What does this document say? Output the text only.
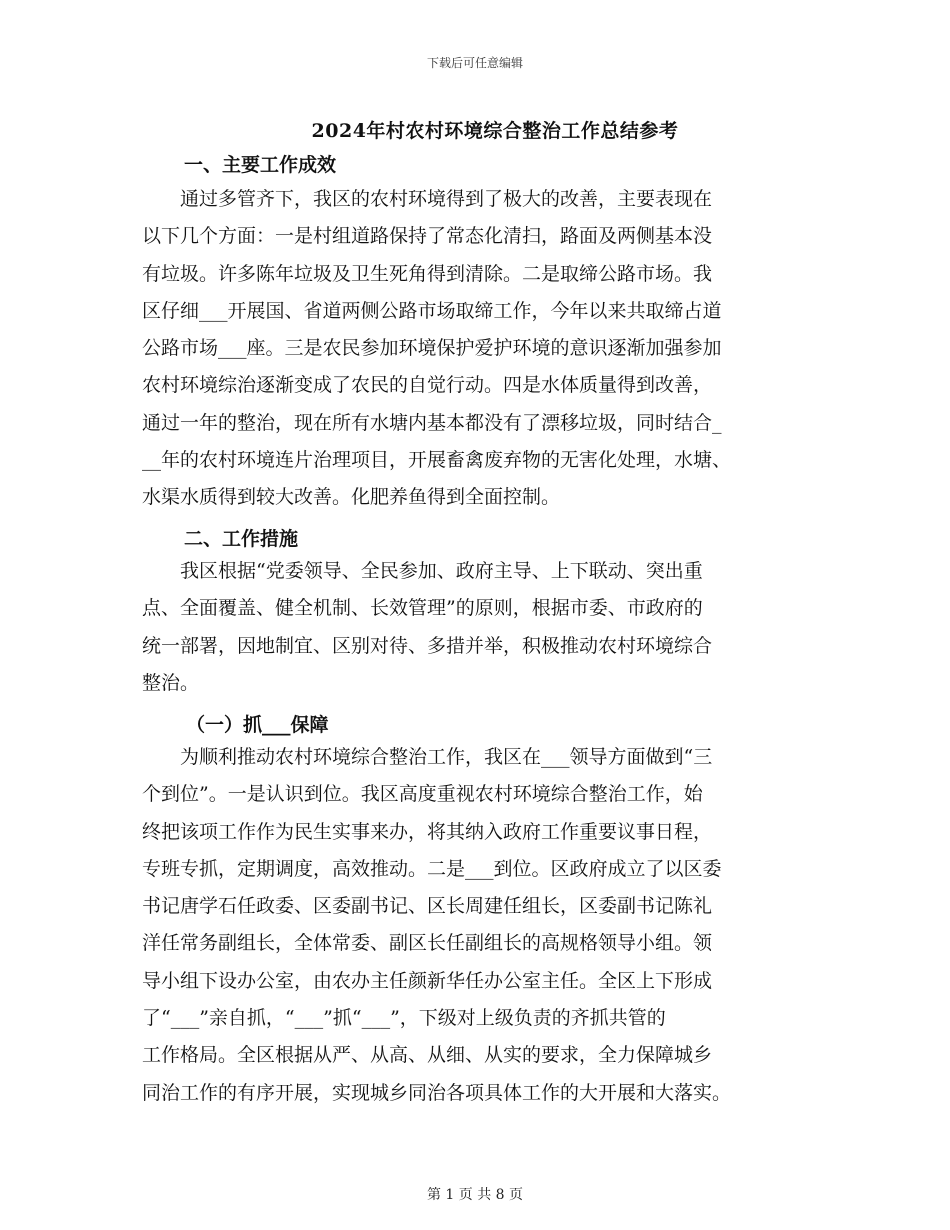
下载后可任意编辑
2024年村农村环境综合整治工作总结参考
一、主要工作成效
　　通过多管齐下，我区的农村环境得到了极大的改善，主要表现在
以下几个方面：一是村组道路保持了常态化清扫，路面及两侧基本没
有垃圾。许多陈年垃圾及卫生死角得到清除。二是取缔公路市场。我
区仔细___开展国、省道两侧公路市场取缔工作，今年以来共取缔占道
公路市场___座。三是农民参加环境保护爱护环境的意识逐渐加强参加
农村环境综治逐渐变成了农民的自觉行动。四是水体质量得到改善，
通过一年的整治，现在所有水塘内基本都没有了漂移垃圾，同时结合_
__年的农村环境连片治理项目，开展畜禽废弃物的无害化处理，水塘、
水渠水质得到较大改善。化肥养鱼得到全面控制。
二、工作措施
　　我区根据“党委领导、全民参加、政府主导、上下联动、突出重
点、全面覆盖、健全机制、长效管理”的原则，根据市委、市政府的
统一部署，因地制宜、区别对待、多措并举，积极推动农村环境综合
整治。
（一）抓___保障
　　为顺利推动农村环境综合整治工作，我区在___领导方面做到“三
个到位”。一是认识到位。我区高度重视农村环境综合整治工作，始
终把该项工作作为民生实事来办，将其纳入政府工作重要议事日程，
专班专抓，定期调度，高效推动。二是___到位。区政府成立了以区委
书记唐学石任政委、区委副书记、区长周建任组长，区委副书记陈礼
洋任常务副组长，全体常委、副区长任副组长的高规格领导小组。领
导小组下设办公室，由农办主任颜新华任办公室主任。全区上下形成
了“___”亲自抓，“___”抓“___”，下级对上级负责的齐抓共管的
工作格局。全区根据从严、从高、从细、从实的要求，全力保障城乡
同治工作的有序开展，实现城乡同治各项具体工作的大开展和大落实。
第 1 页 共 8 页
